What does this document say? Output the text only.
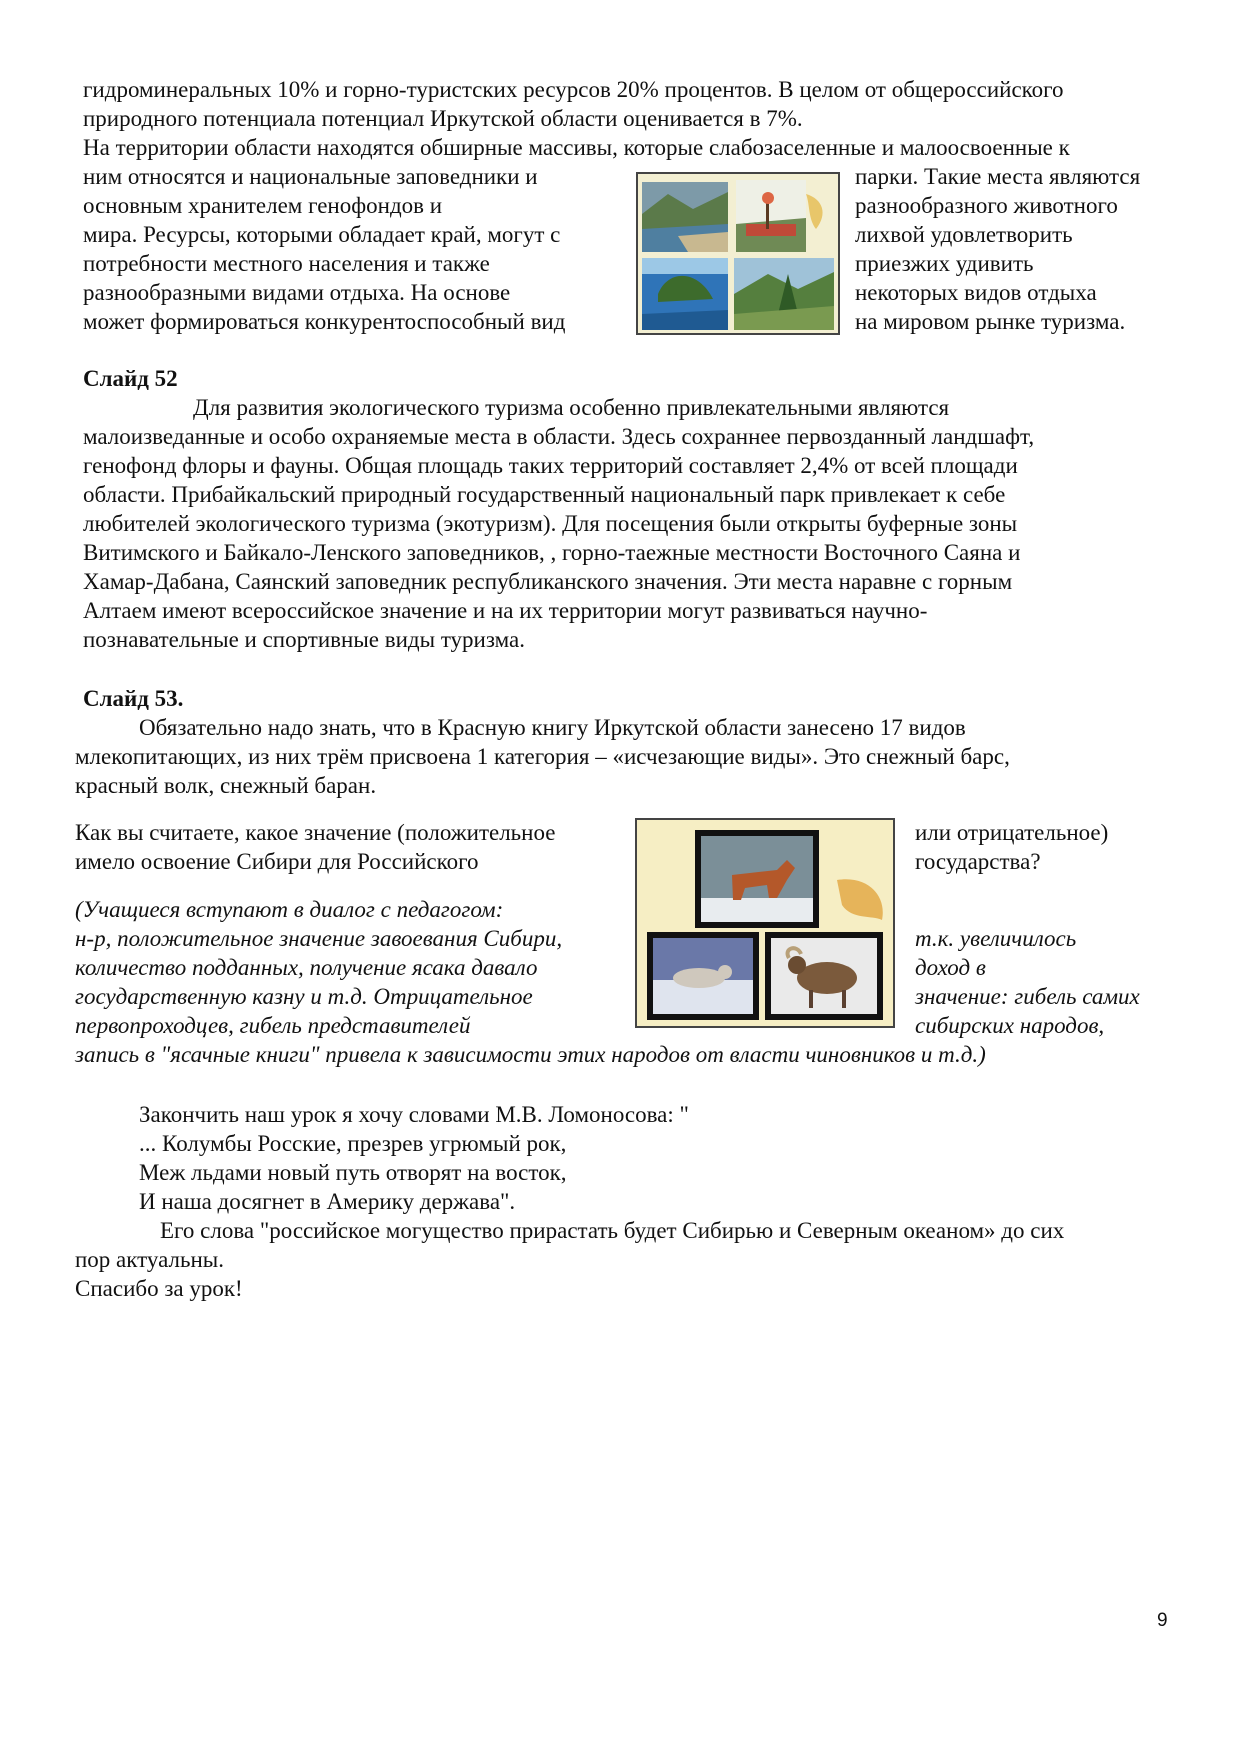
гидроминеральных 10% и горно-туристских ресурсов 20% процентов. В целом от общероссийского
природного потенциала потенциал Иркутской области оценивается в 7%.
На территории области находятся обширные массивы, которые слабозаселенные и малоосвоенные к
ним относятся и национальные заповедники и
основным хранителем генофондов и
мира. Ресурсы, которыми обладает край, могут с
потребности местного населения и также
разнообразными видами отдыха. На основе
может формироваться конкурентоспособный вид
парки. Такие места являются
разнообразного животного
лихвой удовлетворить
приезжих удивить
некоторых видов отдыха
на мировом рынке туризма.
Слайд 52
Для развития экологического туризма особенно привлекательными являются
малоизведанные и особо охраняемые места в области. Здесь сохраннее первозданный ландшафт,
генофонд флоры и фауны. Общая площадь таких территорий составляет 2,4% от всей площади
области. Прибайкальский природный государственный национальный парк привлекает к себе
любителей экологического туризма (экотуризм). Для посещения были открыты буферные зоны
Витимского и Байкало-Ленского заповедников, , горно-таежные местности Восточного Саяна и
Хамар-Дабана, Саянский заповедник республиканского значения. Эти места наравне с горным
Алтаем имеют всероссийское значение и на их территории могут развиваться научно-
познавательные и спортивные виды туризма.
Слайд 53.
Обязательно надо знать, что в Красную книгу Иркутской области занесено 17 видов
млекопитающих, из них трём присвоена 1 категория – «исчезающие виды». Это снежный барс,
красный волк, снежный баран.
Как вы считаете, какое значение (положительное
имело освоение Сибири для Российского
или отрицательное)
государства?
(Учащиеся вступают в диалог с педагогом:
н-р, положительное значение завоевания Сибири,
количество подданных, получение ясака давало
государственную казну и т.д. Отрицательное
первопроходцев, гибель представителей
т.к. увеличилось
доход в
значение: гибель самих
сибирских народов,
запись в "ясачные книги" привела к зависимости этих народов от власти чиновников и т.д.)
Закончить наш урок я хочу словами М.В. Ломоносова: "
... Колумбы Росские, презрев угрюмый рок,
Меж льдами новый путь отворят на восток,
И наша досягнет в Америку держава".
Его слова "российское могущество прирастать будет Сибирью и Северным океаном» до сих
пор актуальны.
Спасибо за урок!
9
